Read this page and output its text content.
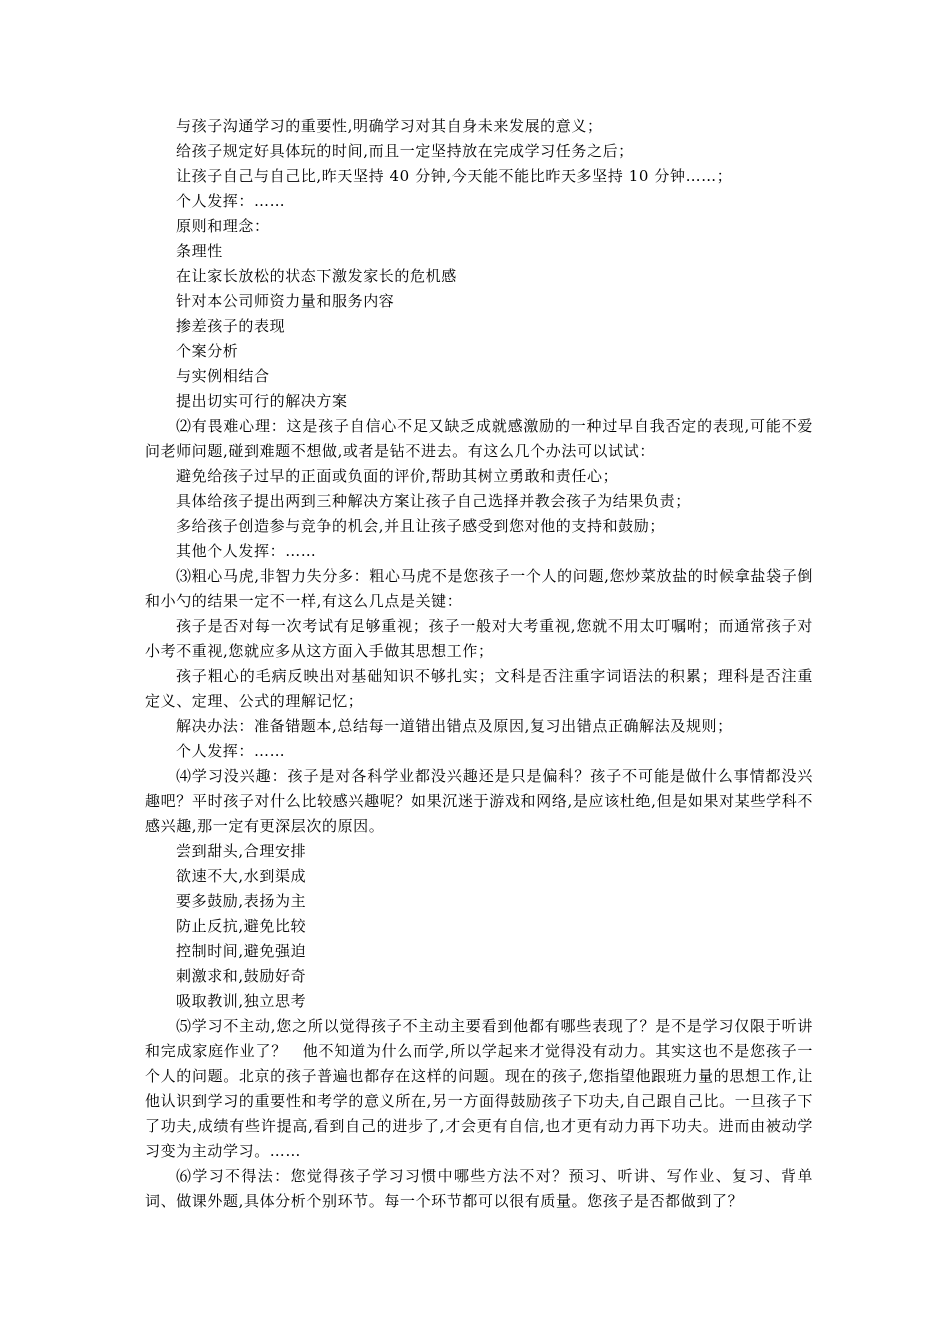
与孩子沟通学习的重要性,明确学习对其自身未来发展的意义；

给孩子规定好具体玩的时间,而且一定坚持放在完成学习任务之后；

让孩子自己与自己比,昨天坚持 40 分钟,今天能不能比昨天多坚持 10 分钟……；

个人发挥：……

原则和理念：

条理性

在让家长放松的状态下激发家长的危机感

针对本公司师资力量和服务内容

掺差孩子的表现

个案分析

与实例相结合

提出切实可行的解决方案

⑵有畏难心理：这是孩子自信心不足又缺乏成就感激励的一种过早自我否定的表现,可能不爱问老师问题,碰到难题不想做,或者是钻不进去。有这么几个办法可以试试：

避免给孩子过早的正面或负面的评价,帮助其树立勇敢和责任心；

具体给孩子提出两到三种解决方案让孩子自己选择并教会孩子为结果负责；

多给孩子创造参与竞争的机会,并且让孩子感受到您对他的支持和鼓励；

其他个人发挥：……

⑶粗心马虎,非智力失分多：粗心马虎不是您孩子一个人的问题,您炒菜放盐的时候拿盐袋子倒和小勺的结果一定不一样,有这么几点是关键：

孩子是否对每一次考试有足够重视；孩子一般对大考重视,您就不用太叮嘱咐；而通常孩子对小考不重视,您就应多从这方面入手做其思想工作；

孩子粗心的毛病反映出对基础知识不够扎实；文科是否注重字词语法的积累；理科是否注重定义、定理、公式的理解记忆；

解决办法：准备错题本,总结每一道错出错点及原因,复习出错点正确解法及规则；

个人发挥：……

⑷学习没兴趣：孩子是对各科学业都没兴趣还是只是偏科？孩子不可能是做什么事情都没兴趣吧？平时孩子对什么比较感兴趣呢？如果沉迷于游戏和网络,是应该杜绝,但是如果对某些学科不感兴趣,那一定有更深层次的原因。

尝到甜头,合理安排

欲速不大,水到渠成

要多鼓励,表扬为主

防止反抗,避免比较

控制时间,避免强迫

刺激求和,鼓励好奇

吸取教训,独立思考

⑸学习不主动,您之所以觉得孩子不主动主要看到他都有哪些表现了？是不是学习仅限于听讲和完成家庭作业了？　他不知道为什么而学,所以学起来才觉得没有动力。其实这也不是您孩子一个人的问题。北京的孩子普遍也都存在这样的问题。现在的孩子,您指望他跟班力量的思想工作,让他认识到学习的重要性和考学的意义所在,另一方面得鼓励孩子下功夫,自己跟自己比。一旦孩子下了功夫,成绩有些许提高,看到自己的进步了,才会更有自信,也才更有动力再下功夫。进而由被动学习变为主动学习。……

⑹学习不得法：您觉得孩子学习习惯中哪些方法不对？预习、听讲、写作业、复习、背单词、做课外题,具体分析个别环节。每一个环节都可以很有质量。您孩子是否都做到了？
